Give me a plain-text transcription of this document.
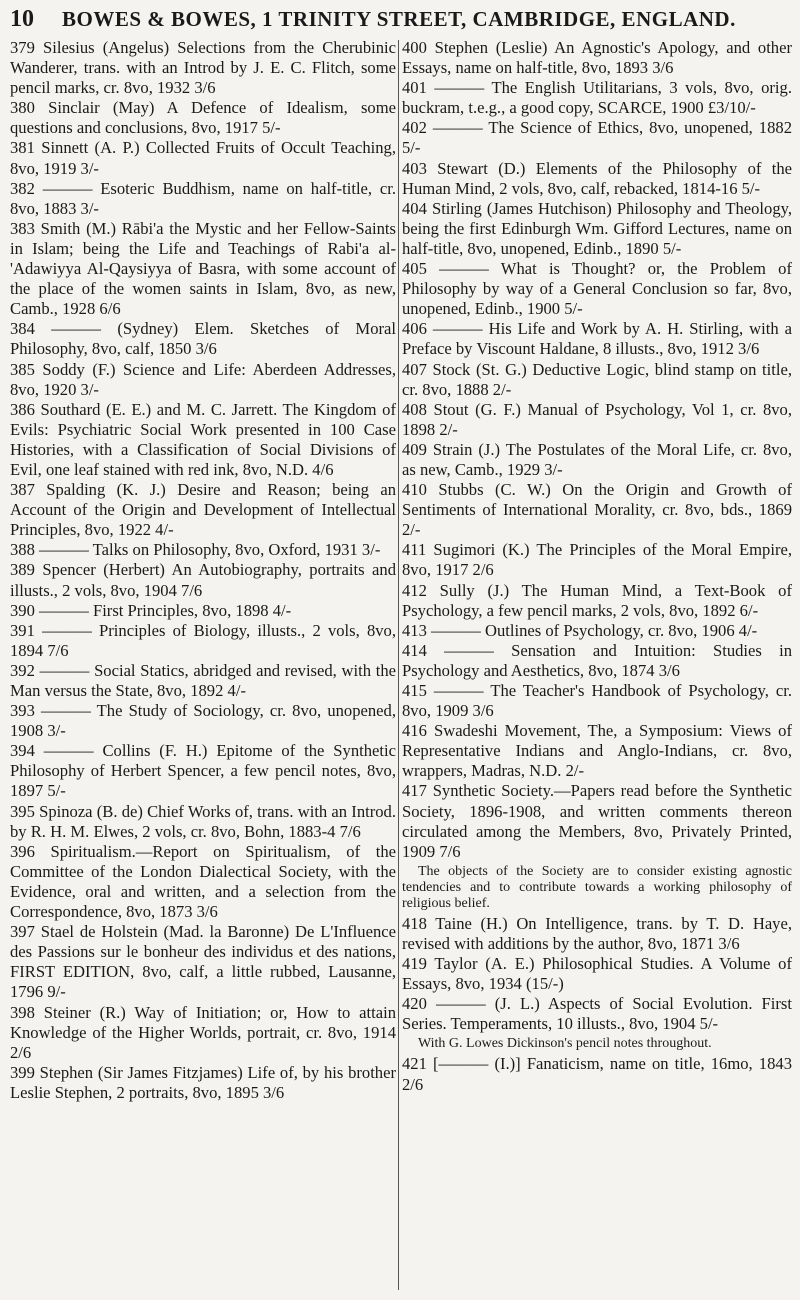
10 BOWES & BOWES, 1 TRINITY STREET, CAMBRIDGE, ENGLAND.

379 Silesius (Angelus) Selections from the Cherubinic Wanderer, trans. with an Introd by J. E. C. Flitch, some pencil marks, cr. 8vo, 1932 3/6

380 Sinclair (May) A Defence of Idealism, some questions and conclusions, 8vo, 1917 5/-

381 Sinnett (A. P.) Collected Fruits of Occult Teaching, 8vo, 1919 3/-

382 ——— Esoteric Buddhism, name on half-title, cr. 8vo, 1883 3/-

383 Smith (M.) Rābi'a the Mystic and her Fellow-Saints in Islam; being the Life and Teachings of Rabi'a al-'Adawiyya Al-Qaysiyya of Basra, with some account of the place of the women saints in Islam, 8vo, as new, Camb., 1928 6/6

384 ——— (Sydney) Elem. Sketches of Moral Philosophy, 8vo, calf, 1850 3/6

385 Soddy (F.) Science and Life: Aberdeen Addresses, 8vo, 1920 3/-

386 Southard (E. E.) and M. C. Jarrett. The Kingdom of Evils: Psychiatric Social Work presented in 100 Case Histories, with a Classification of Social Divisions of Evil, one leaf stained with red ink, 8vo, N.D. 4/6

387 Spalding (K. J.) Desire and Reason; being an Account of the Origin and Development of Intellectual Principles, 8vo, 1922 4/-

388 ——— Talks on Philosophy, 8vo, Oxford, 1931 3/-

389 Spencer (Herbert) An Autobiography, portraits and illusts., 2 vols, 8vo, 1904 7/6

390 ——— First Principles, 8vo, 1898 4/-

391 ——— Principles of Biology, illusts., 2 vols, 8vo, 1894 7/6

392 ——— Social Statics, abridged and revised, with the Man versus the State, 8vo, 1892 4/-

393 ——— The Study of Sociology, cr. 8vo, unopened, 1908 3/-

394 ——— Collins (F. H.) Epitome of the Synthetic Philosophy of Herbert Spencer, a few pencil notes, 8vo, 1897 5/-

395 Spinoza (B. de) Chief Works of, trans. with an Introd. by R. H. M. Elwes, 2 vols, cr. 8vo, Bohn, 1883-4 7/6

396 Spiritualism.—Report on Spiritualism, of the Committee of the London Dialectical Society, with the Evidence, oral and written, and a selection from the Correspondence, 8vo, 1873 3/6

397 Stael de Holstein (Mad. la Baronne) De L'Influence des Passions sur le bonheur des individus et des nations, FIRST EDITION, 8vo, calf, a little rubbed, Lausanne, 1796 9/-

398 Steiner (R.) Way of Initiation; or, How to attain Knowledge of the Higher Worlds, portrait, cr. 8vo, 1914 2/6

399 Stephen (Sir James Fitzjames) Life of, by his brother Leslie Stephen, 2 portraits, 8vo, 1895 3/6

400 Stephen (Leslie) An Agnostic's Apology, and other Essays, name on half-title, 8vo, 1893 3/6

401 ——— The English Utilitarians, 3 vols, 8vo, orig. buckram, t.e.g., a good copy, SCARCE, 1900 £3/10/-

402 ——— The Science of Ethics, 8vo, unopened, 1882 5/-

403 Stewart (D.) Elements of the Philosophy of the Human Mind, 2 vols, 8vo, calf, rebacked, 1814-16 5/-

404 Stirling (James Hutchison) Philosophy and Theology, being the first Edinburgh Wm. Gifford Lectures, name on half-title, 8vo, unopened, Edinb., 1890 5/-

405 ——— What is Thought? or, the Problem of Philosophy by way of a General Conclusion so far, 8vo, unopened, Edinb., 1900 5/-

406 ——— His Life and Work by A. H. Stirling, with a Preface by Viscount Haldane, 8 illusts., 8vo, 1912 3/6

407 Stock (St. G.) Deductive Logic, blind stamp on title, cr. 8vo, 1888 2/-

408 Stout (G. F.) Manual of Psychology, Vol 1, cr. 8vo, 1898 2/-

409 Strain (J.) The Postulates of the Moral Life, cr. 8vo, as new, Camb., 1929 3/-

410 Stubbs (C. W.) On the Origin and Growth of Sentiments of International Morality, cr. 8vo, bds., 1869 2/-

411 Sugimori (K.) The Principles of the Moral Empire, 8vo, 1917 2/6

412 Sully (J.) The Human Mind, a Text-Book of Psychology, a few pencil marks, 2 vols, 8vo, 1892 6/-

413 ——— Outlines of Psychology, cr. 8vo, 1906 4/-

414 ——— Sensation and Intuition: Studies in Psychology and Aesthetics, 8vo, 1874 3/6

415 ——— The Teacher's Handbook of Psychology, cr. 8vo, 1909 3/6

416 Swadeshi Movement, The, a Symposium: Views of Representative Indians and Anglo-Indians, cr. 8vo, wrappers, Madras, N.D. 2/-

417 Synthetic Society.—Papers read before the Synthetic Society, 1896-1908, and written comments thereon circulated among the Members, 8vo, Privately Printed, 1909 7/6

The objects of the Society are to consider existing agnostic tendencies and to contribute towards a working philosophy of religious belief.

418 Taine (H.) On Intelligence, trans. by T. D. Haye, revised with additions by the author, 8vo, 1871 3/6

419 Taylor (A. E.) Philosophical Studies. A Volume of Essays, 8vo, 1934 (15/-)

420 ——— (J. L.) Aspects of Social Evolution. First Series. Temperaments, 10 illusts., 8vo, 1904 5/-

With G. Lowes Dickinson's pencil notes throughout.

421 [——— (I.)] Fanaticism, name on title, 16mo, 1843 2/6
